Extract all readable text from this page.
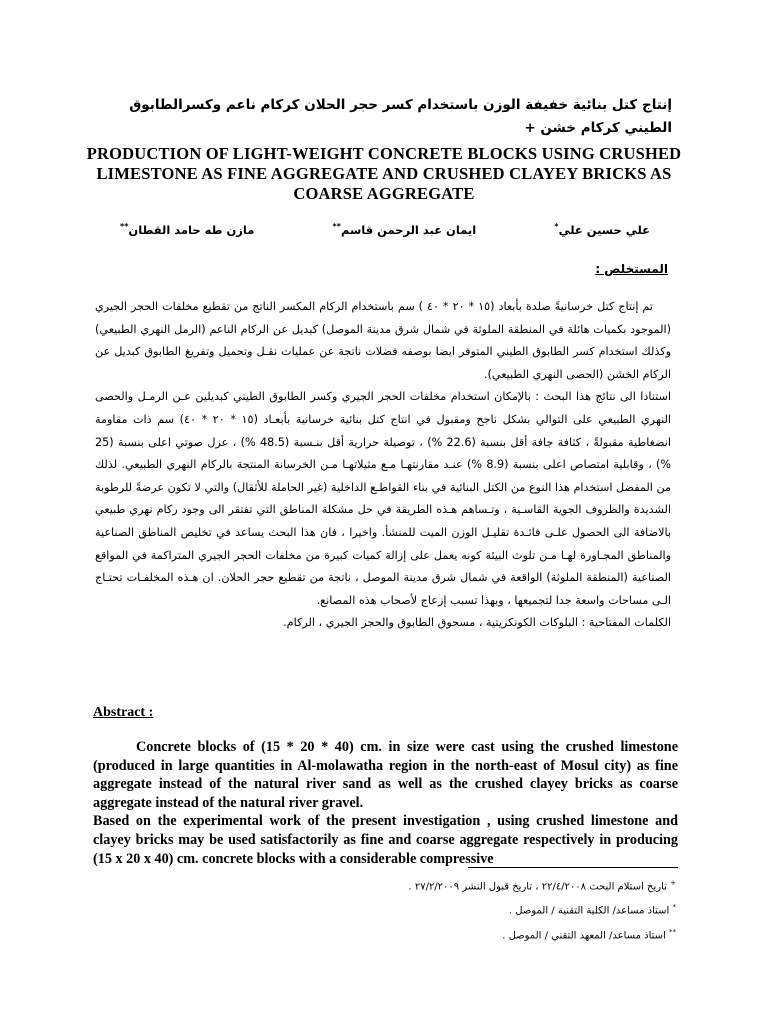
إنتاج كتل بنائية خفيفة الوزن باستخدام كسر حجر الحلان كركام ناعم وكسرالطابوق الطيني كركام خشن +
PRODUCTION OF LIGHT-WEIGHT CONCRETE BLOCKS USING CRUSHED LIMESTONE AS FINE AGGREGATE AND CRUSHED CLAYEY BRICKS AS COARSE AGGREGATE
علي حسين علي*
ايمان عبد الرحمن قاسم**
مازن طه حامد القطان**
المستخلص :

تم إنتاج كتل خرسانيةً صلدة بأبعاد (١٥ * ٢٠ * ٤٠ ) سم باستخدام الركام المكسر الناتج من تقطيع مخلفات الحجر الجيري (الموجود بكميات هائلة في المنطقة الملوثة في شمال شرق مدينة الموصل) كبديل عن الركام الناعم (الرمل النهري الطبيعي) وكذلك استخدام كسر الطابوق الطيني المتوفر ايضا بوصفه فضلات ناتجة عن عمليات نقـل وتحميل وتفريغ الطابوق كبديل عن الركام الخشن (الحصى النهري الطبيعي).

استنادا الى نتائج هذا البحث : بالإمكان استخدام مخلفات الحجر الجيري وكسر الطابوق الطيني كبديلين عـن الرمـل والحصى النهري الطبيعي على التوالي بشكل ناجح ومقبول في انتاج كتل بنائية خرسانية بأبعـاد (١٥ * ٢٠ * ٤٠) سم ذات مقاومة انضغاطية مقبولةً ، كثافة جافة أقل بنسبة (22.6 %) ، توصيلة حرارية أقل بنـسبة (48.5 %) ، عزل صوتي اعلى بنسبة (25 %) ، وقابلية امتصاص اعلى بنسبة (8.9 %) عنـد مقارنتهـا مـع مثيلاتهـا مـن الخرسانة المنتجة بالركام النهري الطبيعي. لذلك من المفضل استخدام هذا النوع من الكتل البنائية في بناء القواطـع الداخلية (غير الحاملة للأثقال) والتي لا تكون عرضةً للرطوبة الشديدة والظروف الجوية القاسـية ، وتـساهم هـذه الطريقة في حل مشكلة المناطق التي تفتقر الى وجود ركام نهري طبيعي بالاضافة الى الحصول علـى فائـدة تقليـل الوزن الميت للمنشأ. واخيرا ، فان هذا البحث يساعد في تخليص المناطق الصناعية والمناطق المجـاورة لهـا مـن تلوث البيئة كونه يعمل على إزالة كميات كبيرة من مخلفات الحجر الجيري المتراكمة في المواقع الصناعية (المنطقة الملوثة) الواقعة في شمال شرق مدينة الموصل ، ناتجة من تقطيع حجر الحلان. ان هـذه المخلفـات تحتـاج الـى مساحات واسعة جدا لتجميعها ، وبهذا تسبب إزعاج لأصحاب هذه المصانع.

الكلمات المفتاحية : البلوكات الكونكريتية ، مسحوق الطابوق والحجر الجيري ، الركام.

Abstract :

Concrete blocks of (15 * 20 * 40) cm. in size were cast using the crushed limestone (produced in large quantities in Al-molawatha region in the north-east of Mosul city) as fine aggregate instead of the natural river sand as well as the crushed clayey bricks as coarse aggregate instead of the natural river gravel.

Based on the experimental work of the present investigation , using crushed limestone and clayey bricks may be used satisfactorily as fine and coarse aggregate respectively in producing (15 x 20 x 40) cm. concrete blocks with a considerable compressive

+ تاريخ استلام البحث ٢٢/٤/٢٠٠٨ ، تاريخ قبول النشر ٢٧/٢/٢٠٠٩ .
* استاذ مساعد/ الكلية التقنية / الموصل .
** استاذ مساعد/ المعهد التقني / الموصل .
